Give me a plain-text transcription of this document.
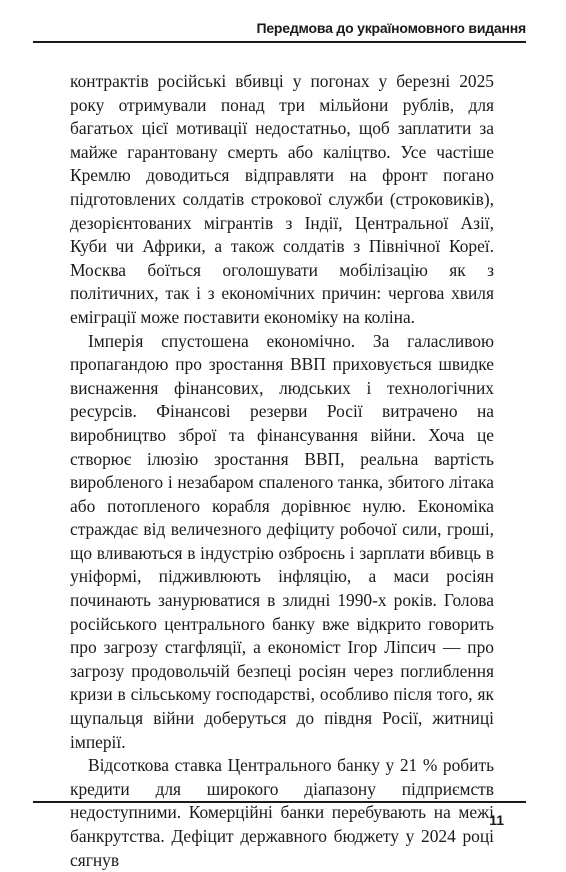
Передмова до україномовного видання

контрактів російські вбивці у погонах у березні 2025 року отримували понад три мільйони рублів, для багатьох цієї мотивації недостатньо, щоб заплатити за майже гарантовану смерть або каліцтво. Усе частіше Кремлю доводиться відправляти на фронт погано підготовлених солдатів строкової служби (строковиків), дезорієнтованих мігрантів з Індії, Центральної Азії, Куби чи Африки, а також солдатів з Північної Кореї. Москва боїться оголошувати мобілізацію як з політичних, так і з економічних причин: чергова хвиля еміграції може поставити економіку на коліна.

Імперія спустошена економічно. За галасливою пропагандою про зростання ВВП приховується швидке виснаження фінансових, людських і технологічних ресурсів. Фінансові резерви Росії витрачено на виробництво зброї та фінансування війни. Хоча це створює ілюзію зростання ВВП, реальна вартість виробленого і незабаром спаленого танка, збитого літака або потопленого корабля дорівнює нулю. Економіка страждає від величезного дефіциту робочої сили, гроші, що вливаються в індустрію озброєнь і зарплати вбивць в уніформі, підживлюють інфляцію, а маси росіян починають занурюватися в злидні 1990-х років. Голова російського центрального банку вже відкрито говорить про загрозу стагфляції, а економіст Ігор Ліпсич — про загрозу продовольчій безпеці росіян через поглиблення кризи в сільському господарстві, особливо після того, як щупальця війни доберуться до півдня Росії, житниці імперії.

Відсоткова ставка Центрального банку у 21 % робить кредити для широкого діапазону підприємств недоступними. Комерційні банки перебувають на межі банкрутства. Дефіцит державного бюджету у 2024 році сягнув

11
